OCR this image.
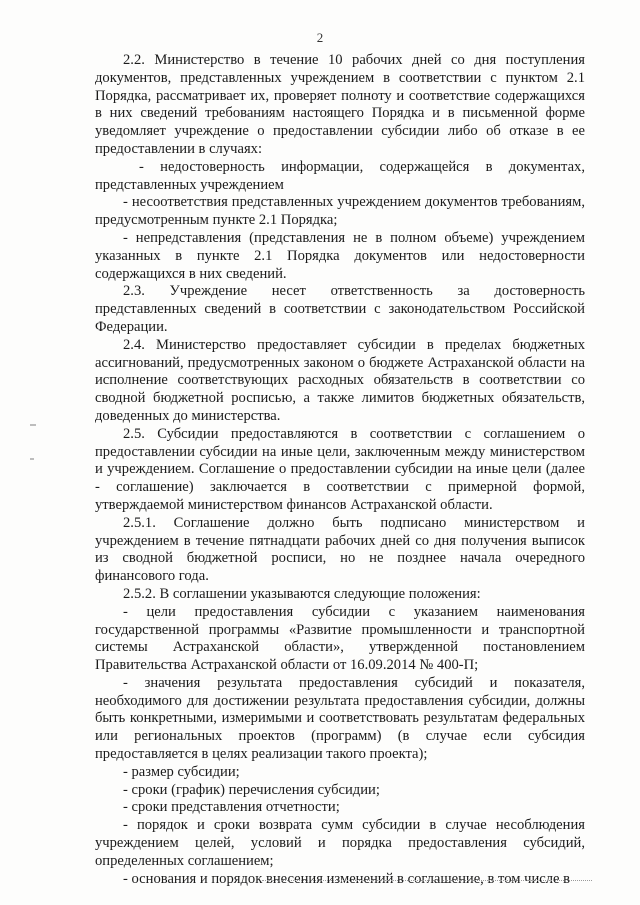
2

2.2. Министерство в течение 10 рабочих дней со дня поступления документов, представленных учреждением в соответствии с пунктом 2.1 Порядка, рассматривает их, проверяет полноту и соответствие содержащихся в них сведений требованиям настоящего Порядка и в письменной форме уведомляет учреждение о предоставлении субсидии либо об отказе в ее предоставлении в случаях:

- недостоверность информации, содержащейся в документах, представленных учреждением

- несоответствия представленных учреждением документов требованиям, предусмотренным пункте 2.1 Порядка;

- непредставления (представления не в полном объеме) учреждением указанных в пункте 2.1 Порядка документов или недостоверности содержащихся в них сведений.

2.3. Учреждение несет ответственность за достоверность представленных сведений в соответствии с законодательством Российской Федерации.

2.4. Министерство предоставляет субсидии в пределах бюджетных ассигнований, предусмотренных законом о бюджете Астраханской области на исполнение соответствующих расходных обязательств в соответствии со сводной бюджетной росписью, а также лимитов бюджетных обязательств, доведенных до министерства.

2.5. Субсидии предоставляются в соответствии с соглашением о предоставлении субсидии на иные цели, заключенным между министерством и учреждением. Соглашение о предоставлении субсидии на иные цели (далее - соглашение) заключается в соответствии с примерной формой, утверждаемой министерством финансов Астраханской области.

2.5.1. Соглашение должно быть подписано министерством и учреждением в течение пятнадцати рабочих дней со дня получения выписок из сводной бюджетной росписи, но не позднее начала очередного финансового года.

2.5.2. В соглашении указываются следующие положения:

- цели предоставления субсидии с указанием наименования государственной программы «Развитие промышленности и транспортной системы Астраханской области», утвержденной постановлением Правительства Астраханской области от 16.09.2014 № 400-П;

- значения результата предоставления субсидий и показателя, необходимого для достижении результата предоставления субсидии, должны быть конкретными, измеримыми и соответствовать результатам федеральных или региональных проектов (программ) (в случае если субсидия предоставляется в целях реализации такого проекта);

- размер субсидии;

- сроки (график) перечисления субсидии;

- сроки представления отчетности;

- порядок и сроки возврата сумм субсидии в случае несоблюдения учреждением целей, условий и порядка предоставления субсидий, определенных соглашением;

- основания и порядок внесения изменений в соглашение, в том числе в
